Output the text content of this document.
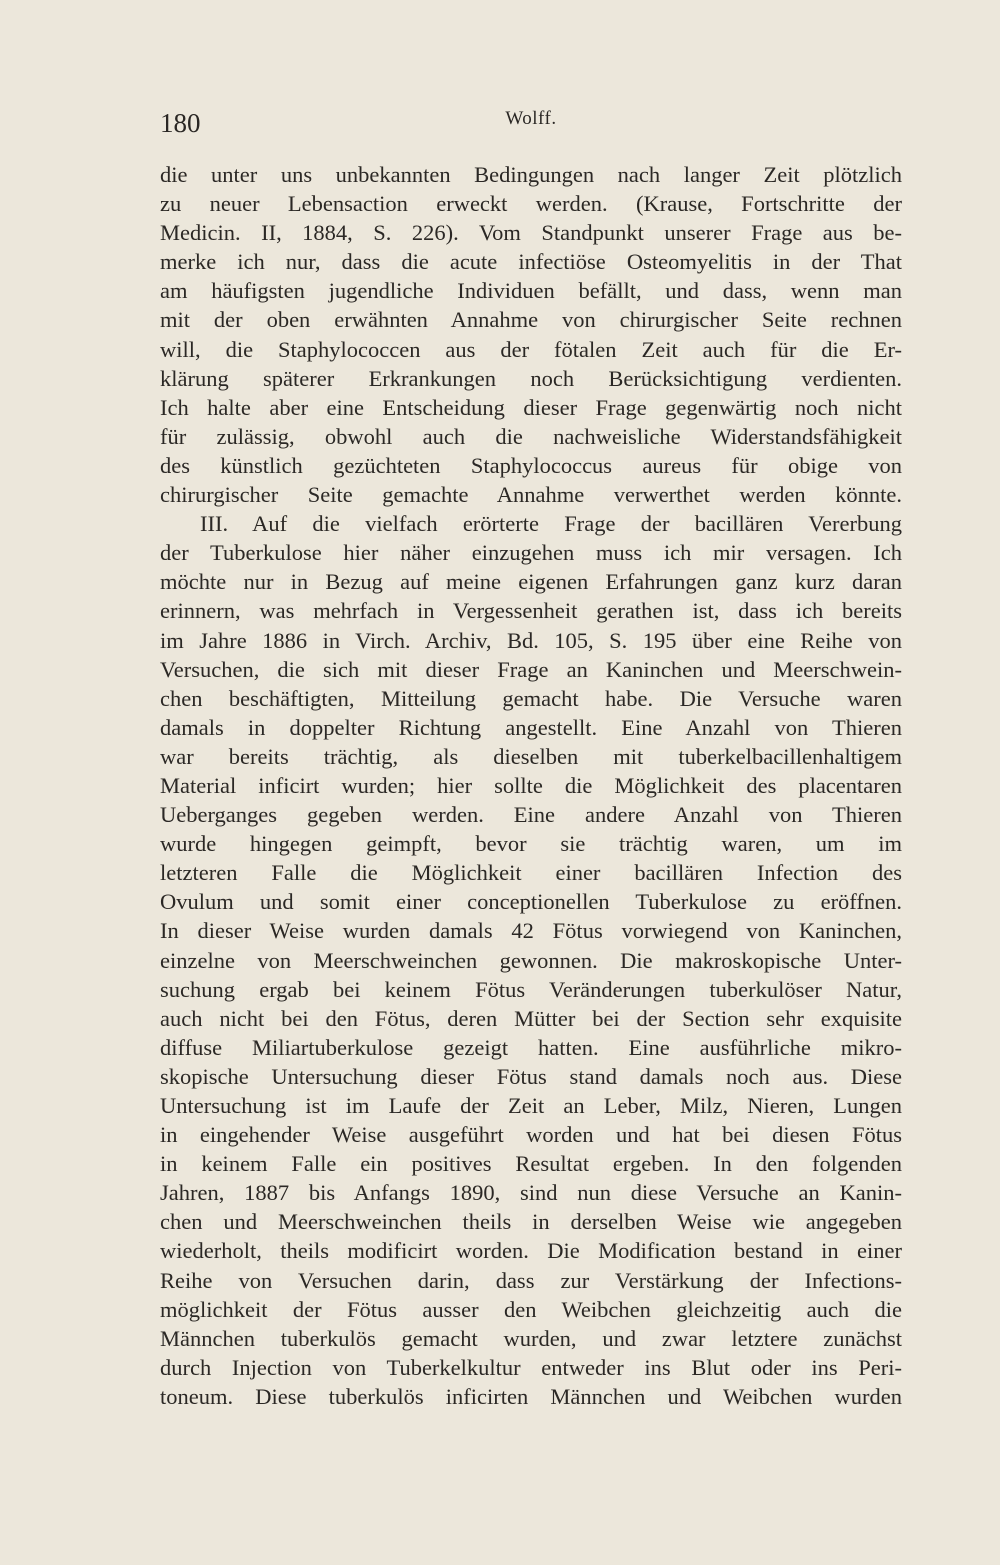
180	Wolff.
die unter uns unbekannten Bedingungen nach langer Zeit plötzlich
zu neuer Lebensaction erweckt werden. (Krause, Fortschritte der
Medicin. II, 1884, S. 226). Vom Standpunkt unserer Frage aus be-
merke ich nur, dass die acute infectiöse Osteomyelitis in der That
am häufigsten jugendliche Individuen befällt, und dass, wenn man
mit der oben erwähnten Annahme von chirurgischer Seite rechnen
will, die Staphylococcen aus der fötalen Zeit auch für die Er-
klärung späterer Erkrankungen noch Berücksichtigung verdienten.
Ich halte aber eine Entscheidung dieser Frage gegenwärtig noch nicht
für zulässig, obwohl auch die nachweisliche Widerstandsfähigkeit
des künstlich gezüchteten Staphylococcus aureus für obige von
chirurgischer Seite gemachte Annahme verwerthet werden könnte.
III. Auf die vielfach erörterte Frage der bacillären Vererbung
der Tuberkulose hier näher einzugehen muss ich mir versagen. Ich
möchte nur in Bezug auf meine eigenen Erfahrungen ganz kurz daran
erinnern, was mehrfach in Vergessenheit gerathen ist, dass ich bereits
im Jahre 1886 in Virch. Archiv, Bd. 105, S. 195 über eine Reihe von
Versuchen, die sich mit dieser Frage an Kaninchen und Meerschwein-
chen beschäftigten, Mitteilung gemacht habe. Die Versuche waren
damals in doppelter Richtung angestellt. Eine Anzahl von Thieren
war bereits trächtig, als dieselben mit tuberkelbacillenhaltigem
Material inficirt wurden; hier sollte die Möglichkeit des placentaren
Ueberganges gegeben werden. Eine andere Anzahl von Thieren
wurde hingegen geimpft, bevor sie trächtig waren, um im
letzteren Falle die Möglichkeit einer bacillären Infection des
Ovulum und somit einer conceptionellen Tuberkulose zu eröffnen.
In dieser Weise wurden damals 42 Fötus vorwiegend von Kaninchen,
einzelne von Meerschweinchen gewonnen. Die makroskopische Unter-
suchung ergab bei keinem Fötus Veränderungen tuberkulöser Natur,
auch nicht bei den Fötus, deren Mütter bei der Section sehr exquisite
diffuse Miliartuberkulose gezeigt hatten. Eine ausführliche mikro-
skopische Untersuchung dieser Fötus stand damals noch aus. Diese
Untersuchung ist im Laufe der Zeit an Leber, Milz, Nieren, Lungen
in eingehender Weise ausgeführt worden und hat bei diesen Fötus
in keinem Falle ein positives Resultat ergeben. In den folgenden
Jahren, 1887 bis Anfangs 1890, sind nun diese Versuche an Kanin-
chen und Meerschweinchen theils in derselben Weise wie angegeben
wiederholt, theils modificirt worden. Die Modification bestand in einer
Reihe von Versuchen darin, dass zur Verstärkung der Infections-
möglichkeit der Fötus ausser den Weibchen gleichzeitig auch die
Männchen tuberkulös gemacht wurden, und zwar letztere zunächst
durch Injection von Tuberkelkultur entweder ins Blut oder ins Peri-
toneum. Diese tuberkulös inficirten Männchen und Weibchen wurden
